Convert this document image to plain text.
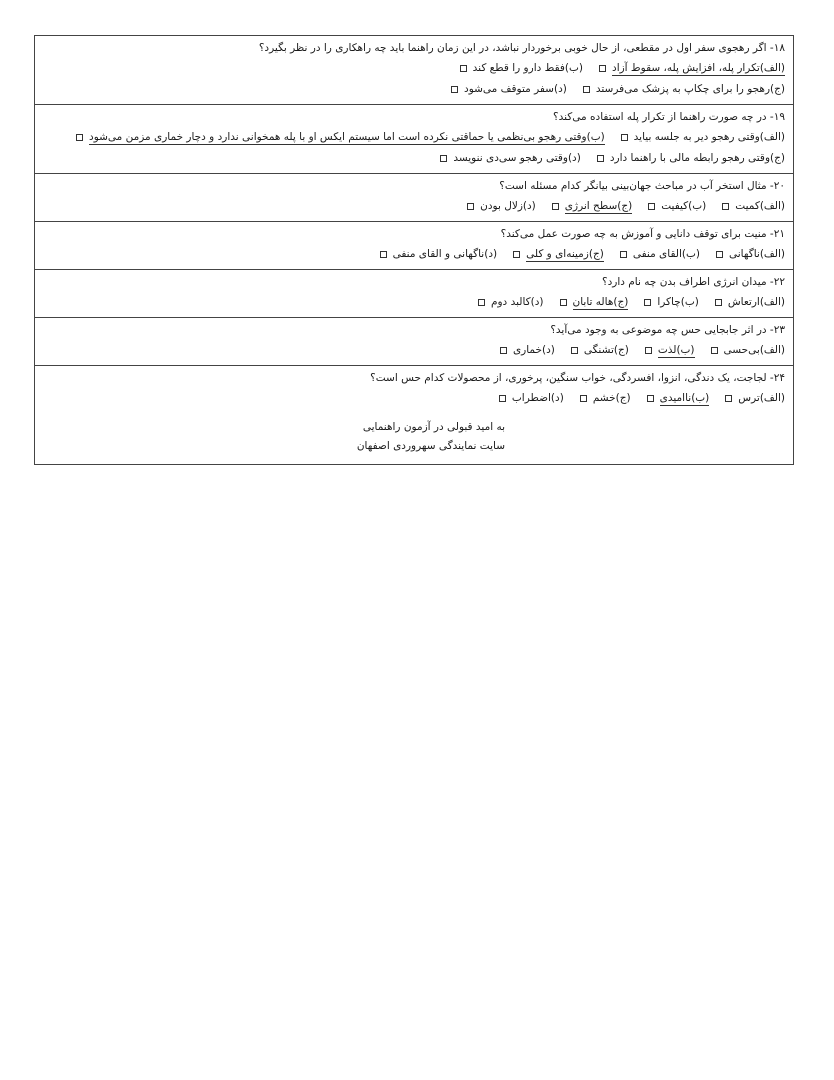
۱۸- اگر رهجوی سفر اول در مقطعی، از حال خوبی برخوردار نباشد، در این زمان راهنما باید چه راهکاری را در نظر بگیرد؟
(الف)تکرار پله، افزایش پله، سقوط آزاد
(ب)فقط دارو را قطع کند
(ج)رهجو را برای چکاپ به پزشک می‌فرستد
(د)سفر متوقف می‌شود
۱۹- در چه صورت راهنما از تکرار پله استفاده می‌کند؟
(الف)وقتی رهجو دیر به جلسه بیاید
(ب)وقتی رهجو بی‌نظمی یا حماقتی نکرده است اما سیستم ایکس او با پله همخوانی ندارد و دچار خماری مزمن می‌شود
(ج)وقتی رهجو رابطه مالی با راهنما دارد
(د)وقتی رهجو سی‌دی ننویسد
۲۰- مثال استخر آب در مباحث جهان‌بینی بیانگر کدام مسئله است؟
(الف)کمیت
(ب)کیفیت
(ج)سطح انرژی
(د)زلال بودن
۲۱- منیت برای توقف دانایی و آموزش به چه صورت عمل می‌کند؟
(الف)ناگهانی
(ب)القای منفی
(ج)زمینه‌ای و کلی
(د)ناگهانی و القای منفی
۲۲- میدان انرژی اطراف بدن چه نام دارد؟
(الف)ارتعاش
(ب)چاکرا
(ج)هاله تابان
(د)کالبد دوم
۲۳- در اثر جابجایی حس چه موضوعی به وجود می‌آید؟
(الف)بی‌حسی
(ب)لذت
(ج)تشنگی
(د)خماری
۲۴- لجاجت، یک دندگی، انزوا، افسردگی، خواب سنگین، پرخوری، از محصولات کدام حس است؟
(الف)ترس
(ب)ناامیدی
(ج)خشم
(د)اضطراب
به امید قبولی در آزمون راهنمایی
سایت نمایندگی سهروردی اصفهان
